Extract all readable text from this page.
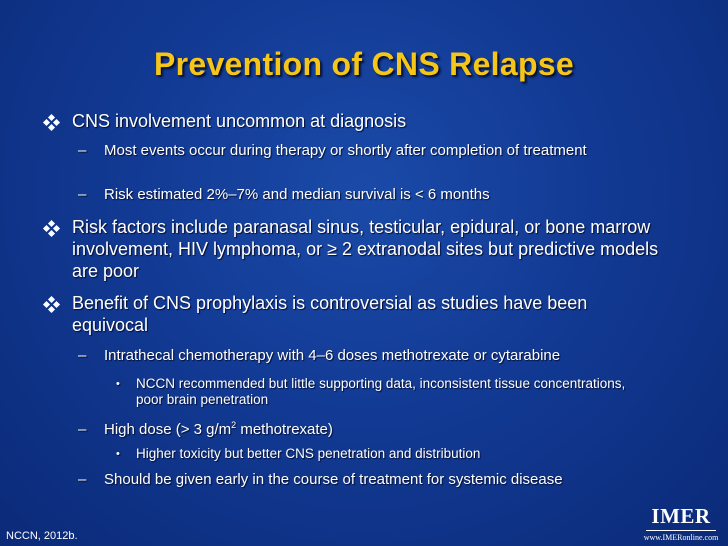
Prevention of CNS Relapse
CNS involvement uncommon at diagnosis
– Most events occur during therapy or shortly after completion of treatment
– Risk estimated 2%–7% and median survival is < 6 months
Risk factors include paranasal sinus, testicular, epidural, or bone marrow involvement, HIV lymphoma, or ≥ 2 extranodal sites but predictive models are poor
Benefit of CNS prophylaxis is controversial as studies have been equivocal
– Intrathecal chemotherapy with 4–6 doses methotrexate or cytarabine
• NCCN recommended but little supporting data, inconsistent tissue concentrations, poor brain penetration
– High dose (> 3 $g/m^2$ methotrexate)
• Higher toxicity but better CNS penetration and distribution
– Should be given early in the course of treatment for systemic disease
NCCN, 2012b.
IMER
www.IMERonline.com
